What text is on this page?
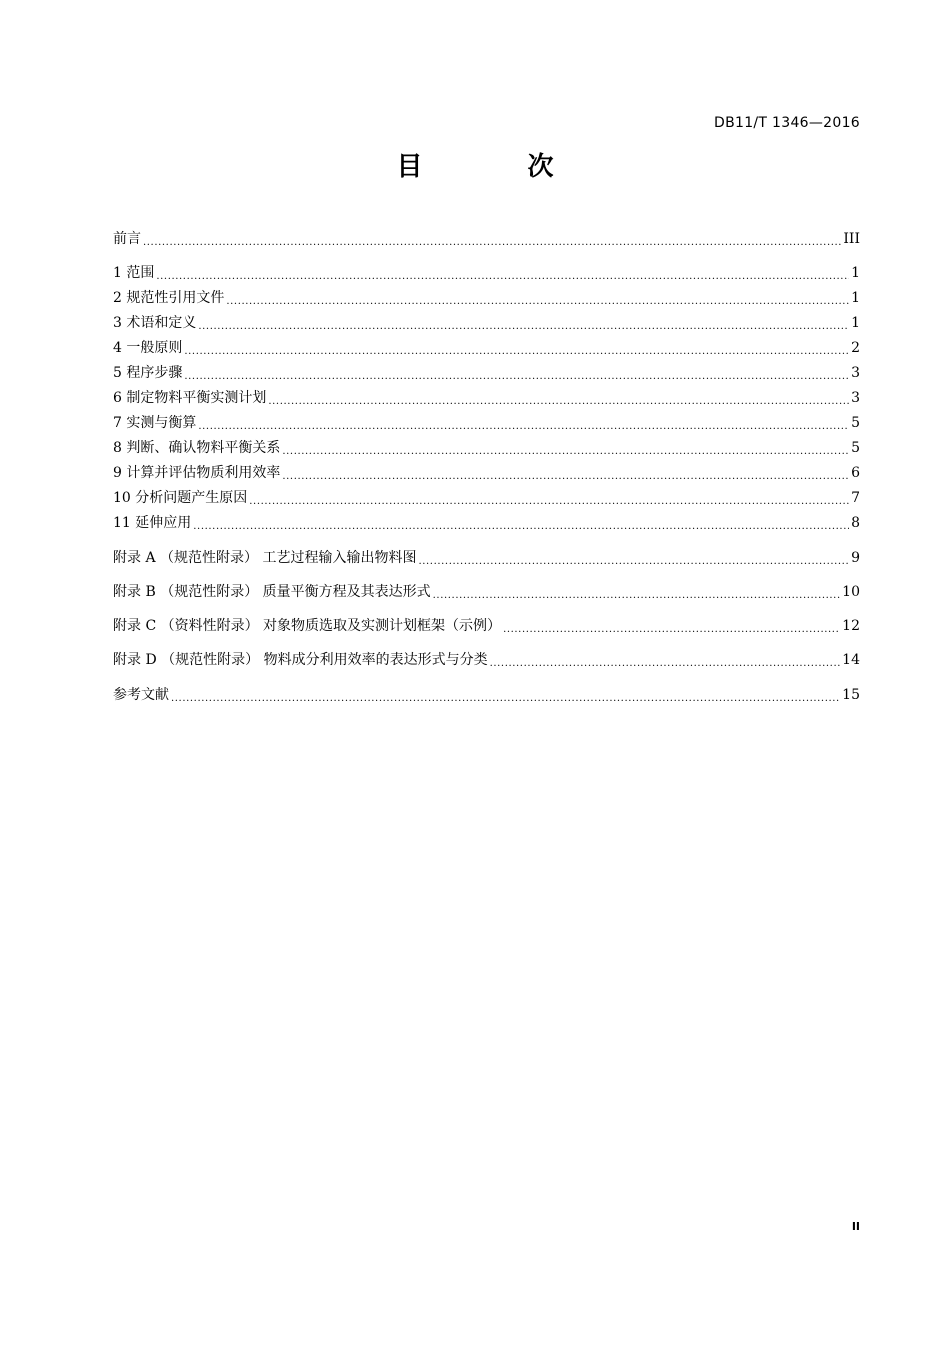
DB11/T 1346—2016
目 次
前言 .....	III
1 范围 .....	1
2 规范性引用文件 .....	1
3 术语和定义 .....	1
4 一般原则 .....	2
5 程序步骤 .....	3
6 制定物料平衡实测计划 .....	3
7 实测与衡算 .....	5
8 判断、确认物料平衡关系 .....	5
9 计算并评估物质利用效率 .....	6
10 分析问题产生原因 .....	7
11 延伸应用 .....	8
附录 A （规范性附录） 工艺过程输入输出物料图 .....	9
附录 B （规范性附录） 质量平衡方程及其表达形式 .....	10
附录 C （资料性附录） 对象物质选取及实测计划框架（示例） .....	12
附录 D （规范性附录） 物料成分利用效率的表达形式与分类 .....	14
参考文献 .....	15
II
